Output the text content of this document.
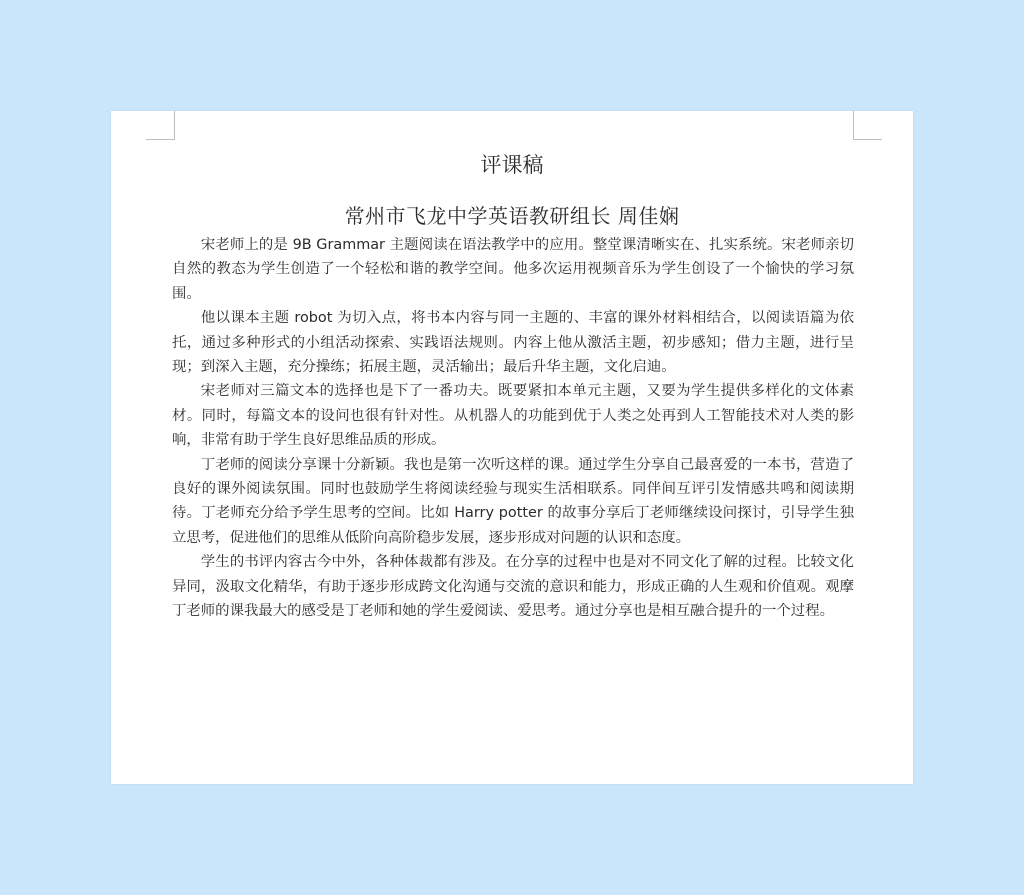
评课稿
常州市飞龙中学英语教研组长 周佳娴

宋老师上的是 9B Grammar 主题阅读在语法教学中的应用。整堂课清晰实在、扎实系统。宋老师亲切自然的教态为学生创造了一个轻松和谐的教学空间。他多次运用视频音乐为学生创设了一个愉快的学习氛围。

他以课本主题 robot 为切入点，将书本内容与同一主题的、丰富的课外材料相结合，以阅读语篇为依托，通过多种形式的小组活动探索、实践语法规则。内容上他从激活主题，初步感知；借力主题，进行呈现；到深入主题，充分操练；拓展主题，灵活输出；最后升华主题，文化启迪。

宋老师对三篇文本的选择也是下了一番功夫。既要紧扣本单元主题，又要为学生提供多样化的文体素材。同时，每篇文本的设问也很有针对性。从机器人的功能到优于人类之处再到人工智能技术对人类的影响，非常有助于学生良好思维品质的形成。

丁老师的阅读分享课十分新颖。我也是第一次听这样的课。通过学生分享自己最喜爱的一本书，营造了良好的课外阅读氛围。同时也鼓励学生将阅读经验与现实生活相联系。同伴间互评引发情感共鸣和阅读期待。丁老师充分给予学生思考的空间。比如 Harry potter 的故事分享后丁老师继续设问探讨，引导学生独立思考，促进他们的思维从低阶向高阶稳步发展，逐步形成对问题的认识和态度。

学生的书评内容古今中外，各种体裁都有涉及。在分享的过程中也是对不同文化了解的过程。比较文化异同，汲取文化精华，有助于逐步形成跨文化沟通与交流的意识和能力，形成正确的人生观和价值观。观摩丁老师的课我最大的感受是丁老师和她的学生爱阅读、爱思考。通过分享也是相互融合提升的一个过程。
